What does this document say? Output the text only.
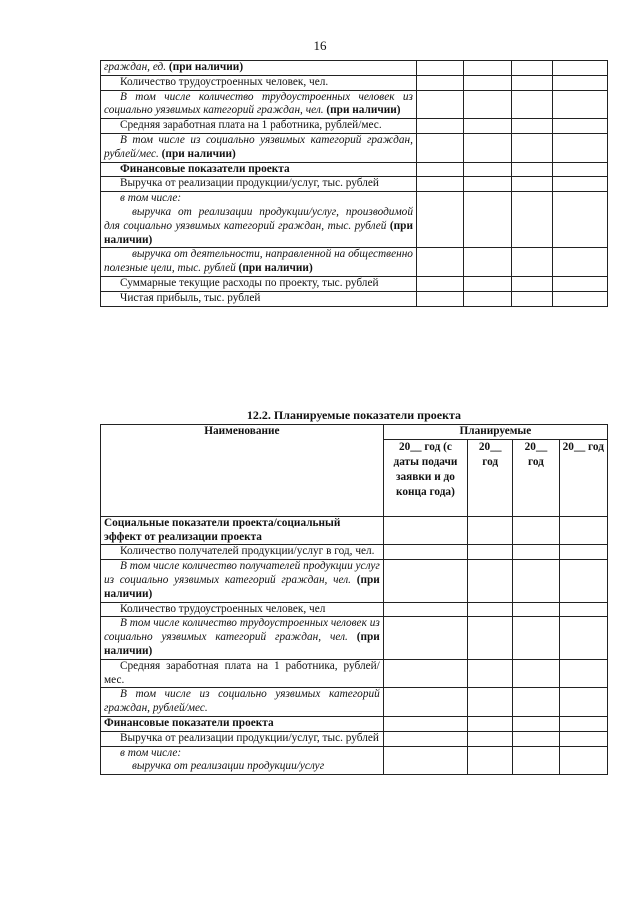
16
граждан, ед. (при наличии)				
Количество трудоустроенных человек, чел.				
В том числе количество трудоустроенных человек из социально уязвимых категорий граждан, чел. (при наличии)				
Средняя заработная плата на 1 работника, рублей/мес.				
В том числе из социально уязвимых категорий граждан, рублей/мес. (при наличии)				
Финансовые показатели проекта				
Выручка от реализации продукции/услуг, тыс. рублей				
в том числе:
выручка от реализации продукции/услуг, производимой для социально уязвимых категорий граждан, тыс. рублей (при наличии)				

выручка от деятельности, направленной на общественно полезные цели, тыс. рублей (при наличии)				
Суммарные текущие расходы по проекту, тыс. рублей				
Чистая прибыль, тыс. рублей				
12.2. Планируемые показатели проекта
Наименование	Планируемые			
	20__ год (с даты подачи заявки и до конца года)	20__ год	20__ год	20__ год
Социальные показатели проекта/социальный эффект от реализации проекта				
Количество получателей продукции/услуг в год, чел.				
В том числе количество получателей продукции услуг из социально уязвимых категорий граждан, чел. (при наличии)				
Количество трудоустроенных человек, чел				
В том числе количество трудоустроенных человек из социально уязвимых категорий граждан, чел. (при наличии)				
Средняя заработная плата на 1 работника, рублей/мес.				
В том числе из социально уязвимых категорий граждан, рублей/мес.				
Финансовые показатели проекта				
Выручка от реализации продукции/услуг, тыс. рублей				
в том числе:
выручка от реализации продукции/услуг				
